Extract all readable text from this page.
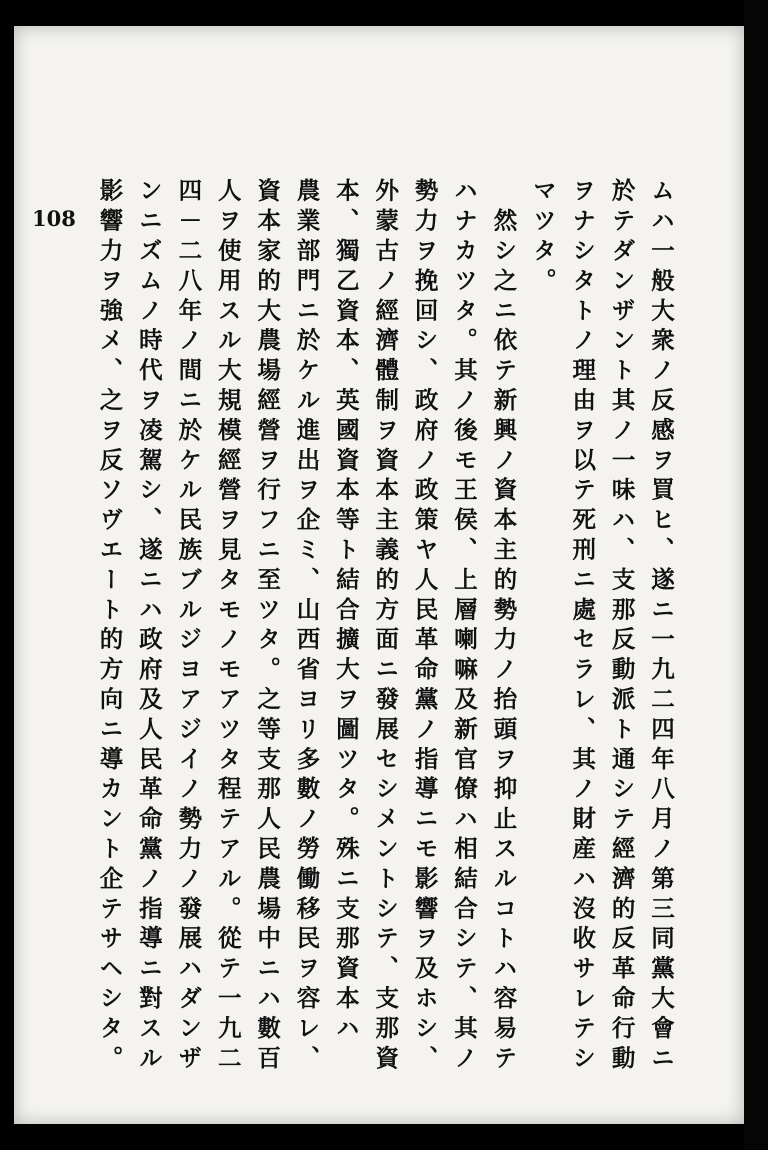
108	ムハ一般大衆ノ反感ヲ買ヒ、遂ニ一九二四年八月ノ第三同黨大會ニ
於テダンザント其ノ一味ハ、支那反動派ト通シテ經濟的反革命行動
ヲナシタトノ理由ヲ以テ死刑ニ處セラレ、其ノ財産ハ沒收サレテシ
マツタ。
　然シ之ニ依テ新興ノ資本主的勢力ノ抬頭ヲ抑止スルコトハ容易テ
ハナカツタ。其ノ後モ王侯、上層喇嘛及新官僚ハ相結合シテ、其ノ
勢力ヲ挽回シ、政府ノ政策ヤ人民革命黨ノ指導ニモ影響ヲ及ホシ、
外蒙古ノ經濟體制ヲ資本主義的方面ニ發展セシメントシテ、支那資
本、獨乙資本、英國資本等ト結合擴大ヲ圖ツタ。殊ニ支那資本ハ
農業部門ニ於ケル進出ヲ企ミ、山西省ヨリ多數ノ勞働移民ヲ容レ、
資本家的大農場經營ヲ行フニ至ツタ。之等支那人民農場中ニハ數百
人ヲ使用スル大規模經營ヲ見タモノモアツタ程テアル。從テ一九二
四－二八年ノ間ニ於ケル民族ブルジヨアジイノ勢力ノ發展ハダンザ
ンニズムノ時代ヲ凌駕シ、遂ニハ政府及人民革命黨ノ指導ニ對スル
影響力ヲ強メ、之ヲ反ソヴエート的方向ニ導カント企テサヘシタ。
